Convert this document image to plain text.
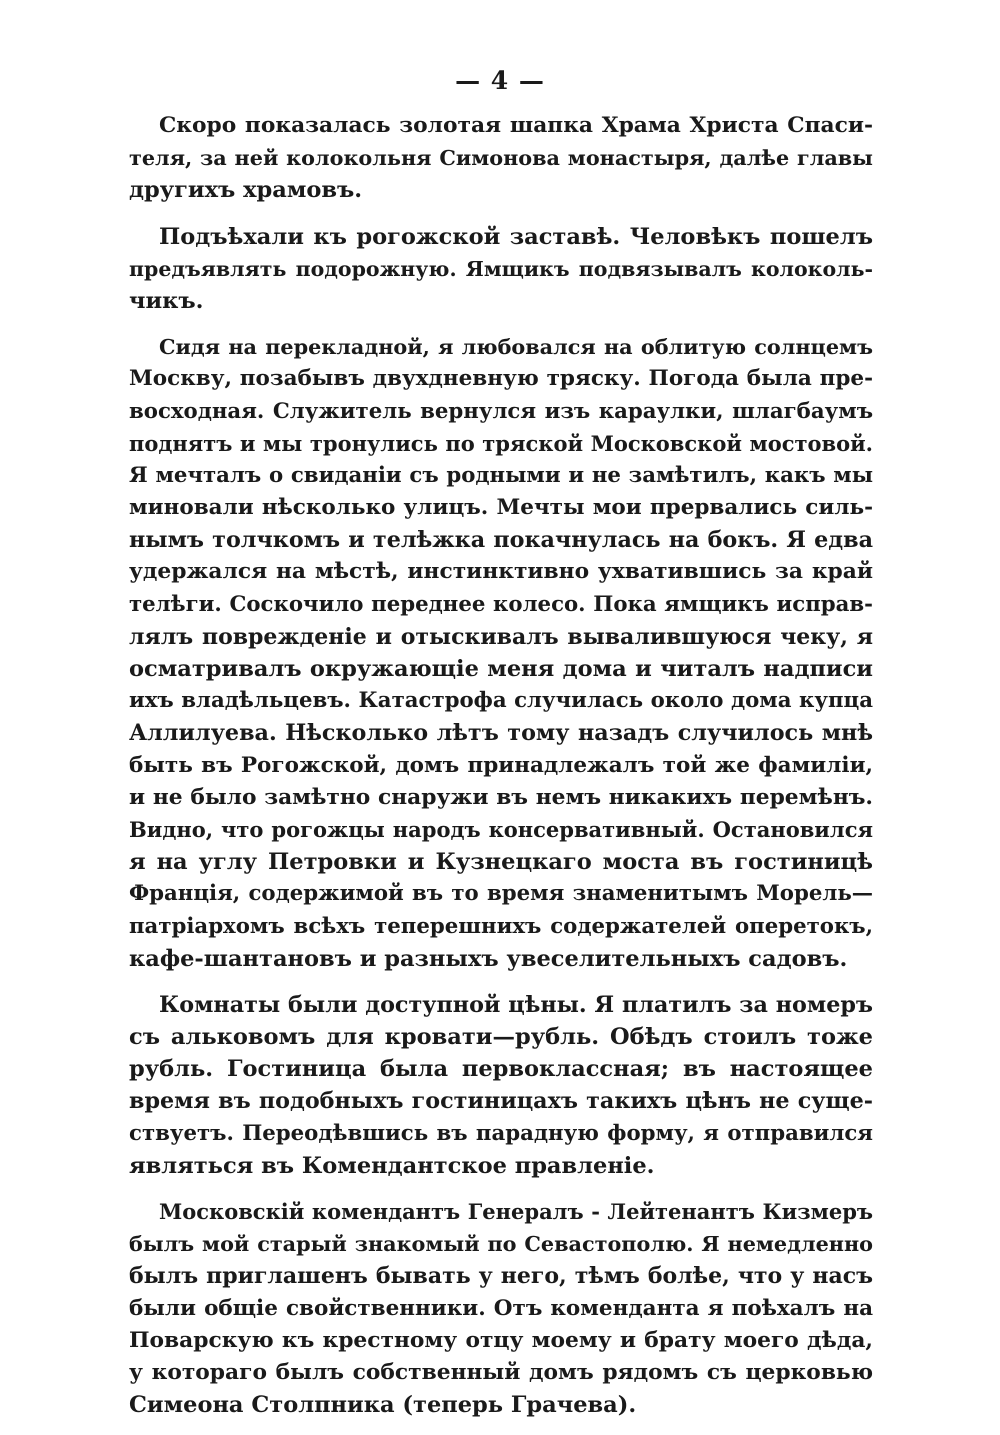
— 4 —
Скоро показалась золотая шапка Храма Христа Спаси-
теля, за ней колокольня Симонова монастыря, далѣе главы
другихъ храмовъ.
Подъѣхали къ рогожской заставѣ. Человѣкъ пошелъ
предъявлять подорожную. Ямщикъ подвязывалъ колоколь-
чикъ.
Сидя на перекладной, я любовался на облитую солнцемъ
Москву, позабывъ двухдневную тряску. Погода была пре-
восходная. Служитель вернулся изъ караулки, шлагбаумъ
поднятъ и мы тронулись по тряской Московской мостовой.
Я мечталъ о свиданіи съ родными и не замѣтилъ, какъ мы
миновали нѣсколько улицъ. Мечты мои прервались силь-
нымъ толчкомъ и телѣжка покачнулась на бокъ. Я едва
удержался на мѣстѣ, инстинктивно ухватившись за край
телѣги. Соскочило переднее колесо. Пока ямщикъ исправ-
лялъ поврежденіе и отыскивалъ вывалившуюся чеку, я
осматривалъ окружающіе меня дома и читалъ надписи
ихъ владѣльцевъ. Катастрофа случилась около дома купца
Аллилуева. Нѣсколько лѣтъ тому назадъ случилось мнѣ
быть въ Рогожской, домъ принадлежалъ той же фамиліи,
и не было замѣтно снаружи въ немъ никакихъ перемѣнъ.
Видно, что рогожцы народъ консервативный. Остановился
я на углу Петровки и Кузнецкаго моста въ гостиницѣ
Франція, содержимой въ то время знаменитымъ Морель—
патріархомъ всѣхъ теперешнихъ содержателей оперетокъ,
кафе-шантановъ и разныхъ увеселительныхъ садовъ.
Комнаты были доступной цѣны. Я платилъ за номеръ
съ альковомъ для кровати—рубль. Обѣдъ стоилъ тоже
рубль. Гостиница была первоклассная; въ настоящее
время въ подобныхъ гостиницахъ такихъ цѣнъ не суще-
ствуетъ. Переодѣвшись въ парадную форму, я отправился
являться въ Комендантское правленіе.
Московскій комендантъ Генералъ - Лейтенантъ Кизмеръ
былъ мой старый знакомый по Севастополю. Я немедленно
былъ приглашенъ бывать у него, тѣмъ болѣе, что у насъ
были общіе свойственники. Отъ коменданта я поѣхалъ на
Поварскую къ крестному отцу моему и брату моего дѣда,
у котораго былъ собственный домъ рядомъ съ церковью
Симеона Столпника (теперь Грачева).
